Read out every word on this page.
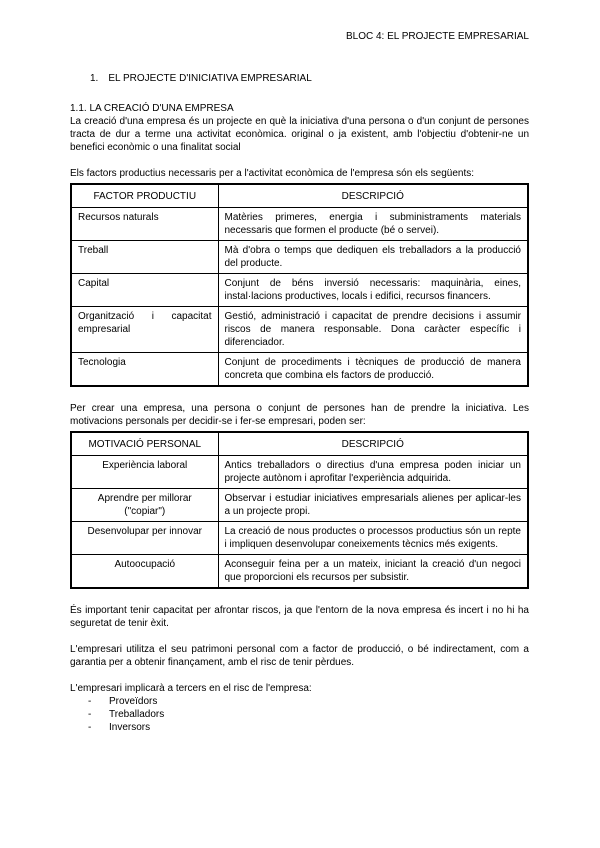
BLOC 4: EL PROJECTE EMPRESARIAL
1. EL PROJECTE D'INICIATIVA EMPRESARIAL
1.1. LA CREACIÓ D'UNA EMPRESA

La creació d'una empresa és un projecte en què la iniciativa d'una persona o d'un conjunt de persones tracta de dur a terme una activitat econòmica. original o ja existent, amb l'objectiu d'obtenir-ne un benefici econòmic o una finalitat social

Els factors productius necessaris per a l'activitat econòmica de l'empresa són els següents:

FACTOR PRODUCTIU	DESCRIPCIÓ
Recursos naturals	Matèries primeres, energia i subministraments materials necessaris que formen el producte (bé o servei).
Treball	Mà d'obra o temps que dediquen els treballadors a la producció del producte.
Capital	Conjunt de béns inversió necessaris: maquinària, eines, instal·lacions productives, locals i edifici, recursos financers.
Organització i capacitat empresarial	Gestió, administració i capacitat de prendre decisions i assumir riscos de manera responsable. Dona caràcter específic i diferenciador.
Tecnologia	Conjunt de procediments i tècniques de producció de manera concreta que combina els factors de producció.

Per crear una empresa, una persona o conjunt de persones han de prendre la iniciativa. Les motivacions personals per decidir-se i fer-se empresari, poden ser:

MOTIVACIÓ PERSONAL	DESCRIPCIÓ
Experiència laboral	Antics treballadors o directius d'una empresa poden iniciar un projecte autònom i aprofitar l'experiència adquirida.
Aprendre per millorar ("copiar")	Observar i estudiar iniciatives empresarials alienes per aplicar-les a un projecte propi.
Desenvolupar per innovar	La creació de nous productes o processos productius són un repte i impliquen desenvolupar coneixements tècnics més exigents.
Autoocupació	Aconseguir feina per a un mateix, iniciant la creació d'un negoci que proporcioni els recursos per subsistir.

És important tenir capacitat per afrontar riscos, ja que l'entorn de la nova empresa és incert i no hi ha seguretat de tenir èxit.

L'empresari utilitza el seu patrimoni personal com a factor de producció, o bé indirectament, com a garantia per a obtenir finançament, amb el risc de tenir pèrdues.

L'empresari implicarà a tercers en el risc de l'empresa:

-	Proveïdors
-	Treballadors
-	Inversors
